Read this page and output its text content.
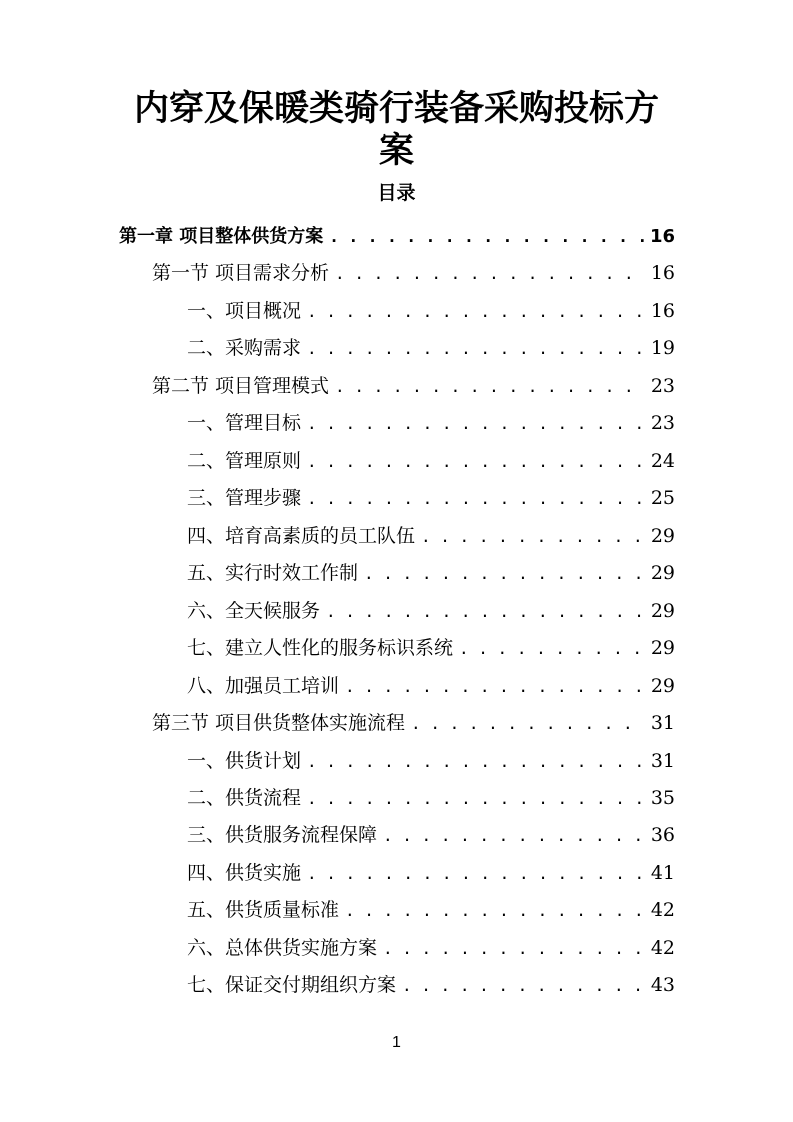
内穿及保暖类骑行装备采购投标方
案
目录
第一章 项目整体供货方案 . . .	16
第一节 项目需求分析 . . .	16
一、项目概况 . . .	16
二、采购需求 . . .	19
第二节 项目管理模式 . . .	23
一、管理目标 . . .	23
二、管理原则 . . .	24
三、管理步骤 . . .	25
四、培育高素质的员工队伍 . . .	29
五、实行时效工作制 . . .	29
六、全天候服务 . . .	29
七、建立人性化的服务标识系统 . . .	29
八、加强员工培训 . . .	29
第三节 项目供货整体实施流程 . . .	31
一、供货计划 . . .	31
二、供货流程 . . .	35
三、供货服务流程保障 . . .	36
四、供货实施 . . .	41
五、供货质量标准 . . .	42
六、总体供货实施方案 . . .	42
七、保证交付期组织方案 . . .	43
1
